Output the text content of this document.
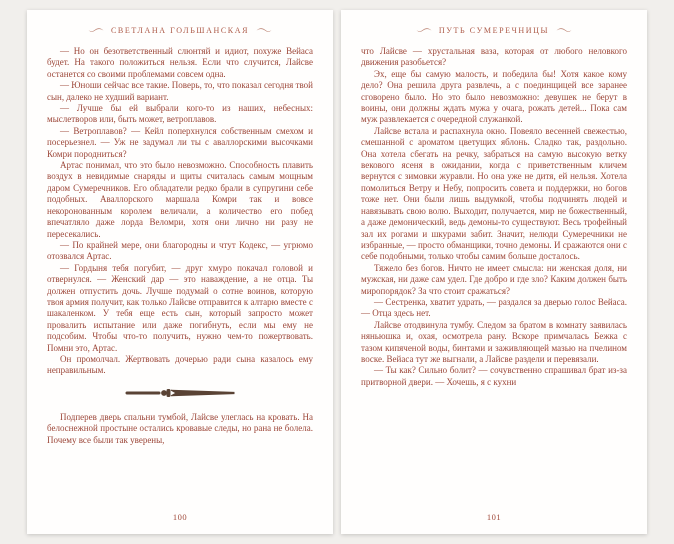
СВЕТЛАНА ГОЛЬШАНСКАЯ

— Но он безответственный слюнтяй и идиот, похуже Вейаса будет. На такого положиться нельзя. Если что случится, Лайсве останется со своими проблемами совсем одна.

— Юноши сейчас все такие. Поверь, то, что показал сегодня твой сын, далеко не худший вариант.

— Лучше бы ей выбрали кого-то из наших, небесных: мыслетворов или, быть может, ветроплавов.

— Ветроплавов? — Кейл поперхнулся собственным смехом и посерьезнел. — Уж не задумал ли ты с аваллорскими высочками Комри породниться?

Артас понимал, что это было невозможно. Способность плавить воздух в невидимые снаряды и щиты считалась самым мощным даром Сумеречников. Его обладатели редко брали в супругини себе подобных. Аваллорского маршала Комри так и вовсе некоронованным королем величали, а количество его побед впечатляло даже лорда Веломри, хотя они лично ни разу не пересекались.

— По крайней мере, они благородны и чтут Кодекс, — угрюмо отозвался Артас.

— Гордыня тебя погубит, — друг хмуро покачал головой и отвернулся. — Женский дар — это наваждение, а не отца. Ты должен отпустить дочь. Лучше подумай о сотне воинов, которую твоя армия получит, как только Лайсве отправится к алтарю вместе с шакаленком. У тебя еще есть сын, который запросто может провалить испытание или даже погибнуть, если мы ему не подсобим. Чтобы что-то получить, нужно чем-то пожертвовать. Помни это, Артас.

Он промолчал. Жертвовать дочерью ради сына казалось ему неправильным.

Подперев дверь спальни тумбой, Лайсве улеглась на кровать. На белоснежной простыне остались кровавые следы, но рана не болела. Почему все были так уверены,

100
ПУТЬ СУМЕРЕЧНИЦЫ

что Лайсве — хрустальная ваза, которая от любого неловкого движения разобьется?

Эх, еще бы самую малость, и победила бы! Хотя какое кому дело? Она решила друга развлечь, а с поединщицей все заранее сговорено было. Но это было невозможно: девушек не берут в воины, они должны ждать мужа у очага, рожать детей... Пока сам муж развлекается с очередной служанкой.

Лайсве встала и распахнула окно. Повеяло весенней свежестью, смешанной с ароматом цветущих яблонь. Сладко так, раздольно. Она хотела сбегать на речку, забраться на самую высокую ветку векового ясеня в ожидании, когда с приветственным кличем вернутся с зимовки журавли. Но она уже не дитя, ей нельзя. Хотела помолиться Ветру и Небу, попросить совета и поддержки, но богов тоже нет. Они были лишь выдумкой, чтобы подчинять людей и навязывать свою волю. Выходит, получается, мир не божественный, а даже демонический, ведь демоны-то существуют. Весь трофейный зал их рогами и шкурами забит. Значит, нелюди Сумеречники не избранные, — просто обманщики, точно демоны. И сражаются они с себе подобными, только чтобы самим больше досталось.

Тяжело без богов. Ничто не имеет смысла: ни женская доля, ни мужская, ни даже сам удел. Где добро и где зло? Каким должен быть миропорядок? За что стоит сражаться?

— Сестренка, хватит удрать, — раздался за дверью голос Вейаса. — Отца здесь нет.

Лайсве отодвинула тумбу. Следом за братом в комнату заявилась няньюшка и, охая, осмотрела рану. Вскоре примчалась Бежка с тазом кипяченой воды, бинтами и заживляющей мазью на пчелином воске. Вейаса тут же выгнали, а Лайсве раздели и перевязали.

— Ты как? Сильно болит? — сочувственно спрашивал брат из-за притворной двери. — Хочешь, я с кухни

101
